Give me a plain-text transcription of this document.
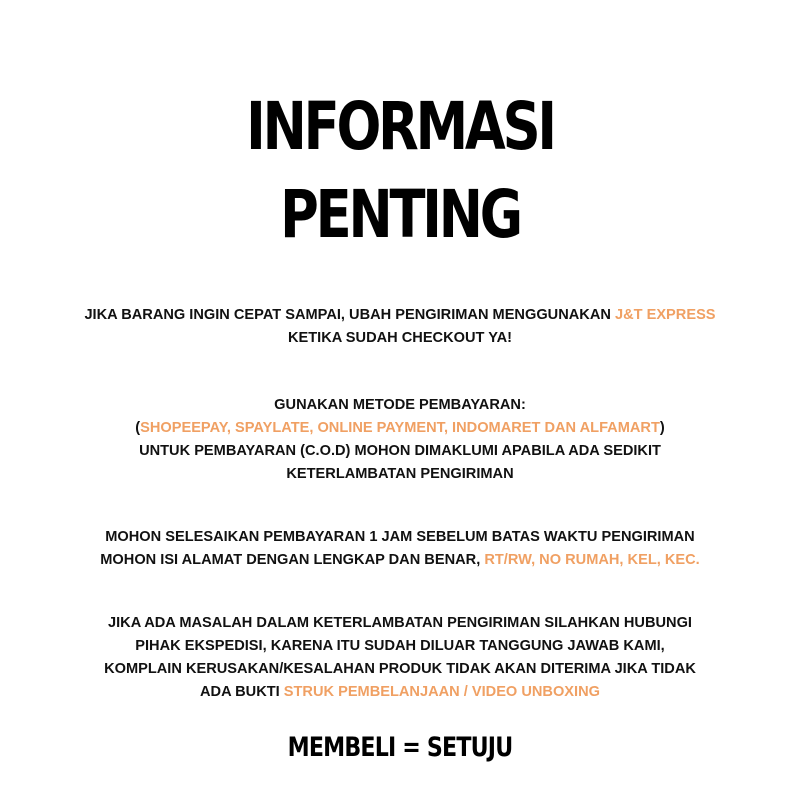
INFORMASI
PENTING
JIKA BARANG INGIN CEPAT SAMPAI, UBAH PENGIRIMAN MENGGUNAKAN J&T EXPRESS
KETIKA SUDAH CHECKOUT YA!
GUNAKAN METODE PEMBAYARAN:
(SHOPEEPAY, SPAYLATE, ONLINE PAYMENT, INDOMARET DAN ALFAMART)
UNTUK PEMBAYARAN (C.O.D) MOHON DIMAKLUMI APABILA ADA SEDIKIT
KETERLAMBATAN PENGIRIMAN
MOHON SELESAIKAN PEMBAYARAN 1 JAM SEBELUM BATAS WAKTU PENGIRIMAN
MOHON ISI ALAMAT DENGAN LENGKAP DAN BENAR, RT/RW, NO RUMAH, KEL, KEC.
JIKA ADA MASALAH DALAM KETERLAMBATAN PENGIRIMAN SILAHKAN HUBUNGI
PIHAK EKSPEDISI, KARENA ITU SUDAH DILUAR TANGGUNG JAWAB KAMI,
KOMPLAIN KERUSAKAN/KESALAHAN PRODUK TIDAK AKAN DITERIMA JIKA TIDAK
ADA BUKTI STRUK PEMBELANJAAN / VIDEO UNBOXING
MEMBELI = SETUJU
